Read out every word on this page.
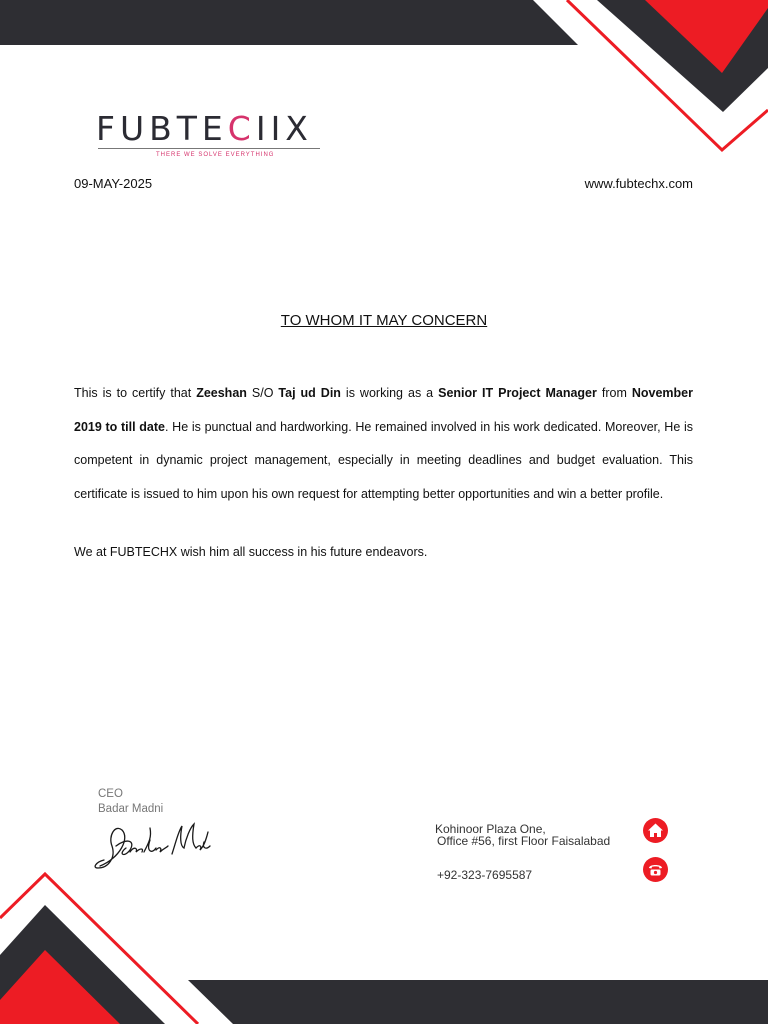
FUBTECIIX
THERE WE SOLVE EVERYTHING
09-MAY-2025	www.fubtechx.com
TO WHOM IT MAY CONCERN

This is to certify that Zeeshan S/O Taj ud Din is working as a Senior IT Project Manager from November 2019 to till date. He is punctual and hardworking. He remained involved in his work dedicated. Moreover, He is competent in dynamic project management, especially in meeting deadlines and budget evaluation. This certificate is issued to him upon his own request for attempting better opportunities and win a better profile.

We at FUBTECHX wish him all success in his future endeavors.
CEO
Badar Madni
Kohinoor Plaza One,
Office #56, first Floor Faisalabad
+92-323-7695587
